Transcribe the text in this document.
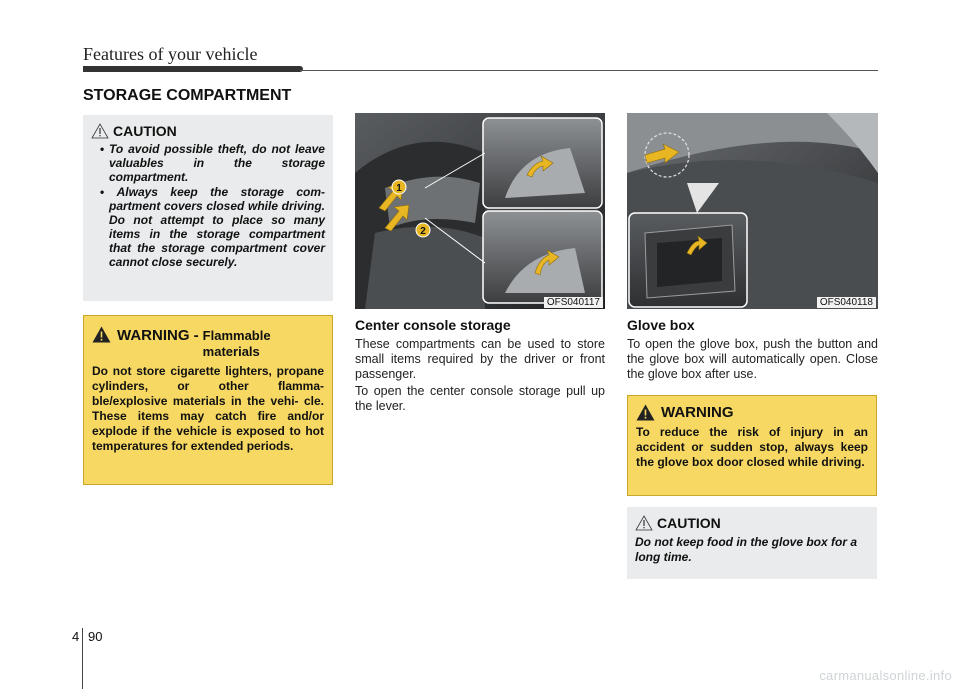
Features of your vehicle
STORAGE COMPARTMENT
CAUTION
• To avoid possible theft, do not leave valuables in the storage compartment.
• Always keep the storage com- partment covers closed while driving. Do not attempt to place so many items in the storage compartment that the storage compartment cover cannot close securely.
WARNING - Flammable materials

Do not store cigarette lighters, propane cylinders, or other flamma- ble/explosive materials in the vehi- cle. These items may catch fire and/or explode if the vehicle is exposed to hot temperatures for extended periods.

1
2
OFS040117	OFS040118
Center console storage
These compartments can be used to store small items required by the driver or front passenger.
To open the center console storage pull up the lever.
Glove box
To open the glove box, push the button and the glove box will automatically open. Close the glove box after use.
WARNING

To reduce the risk of injury in an accident or sudden stop, always keep the glove box door closed while driving.

CAUTION

Do not keep food in the glove box for a long time.

4 90
carmanualsonline.info
